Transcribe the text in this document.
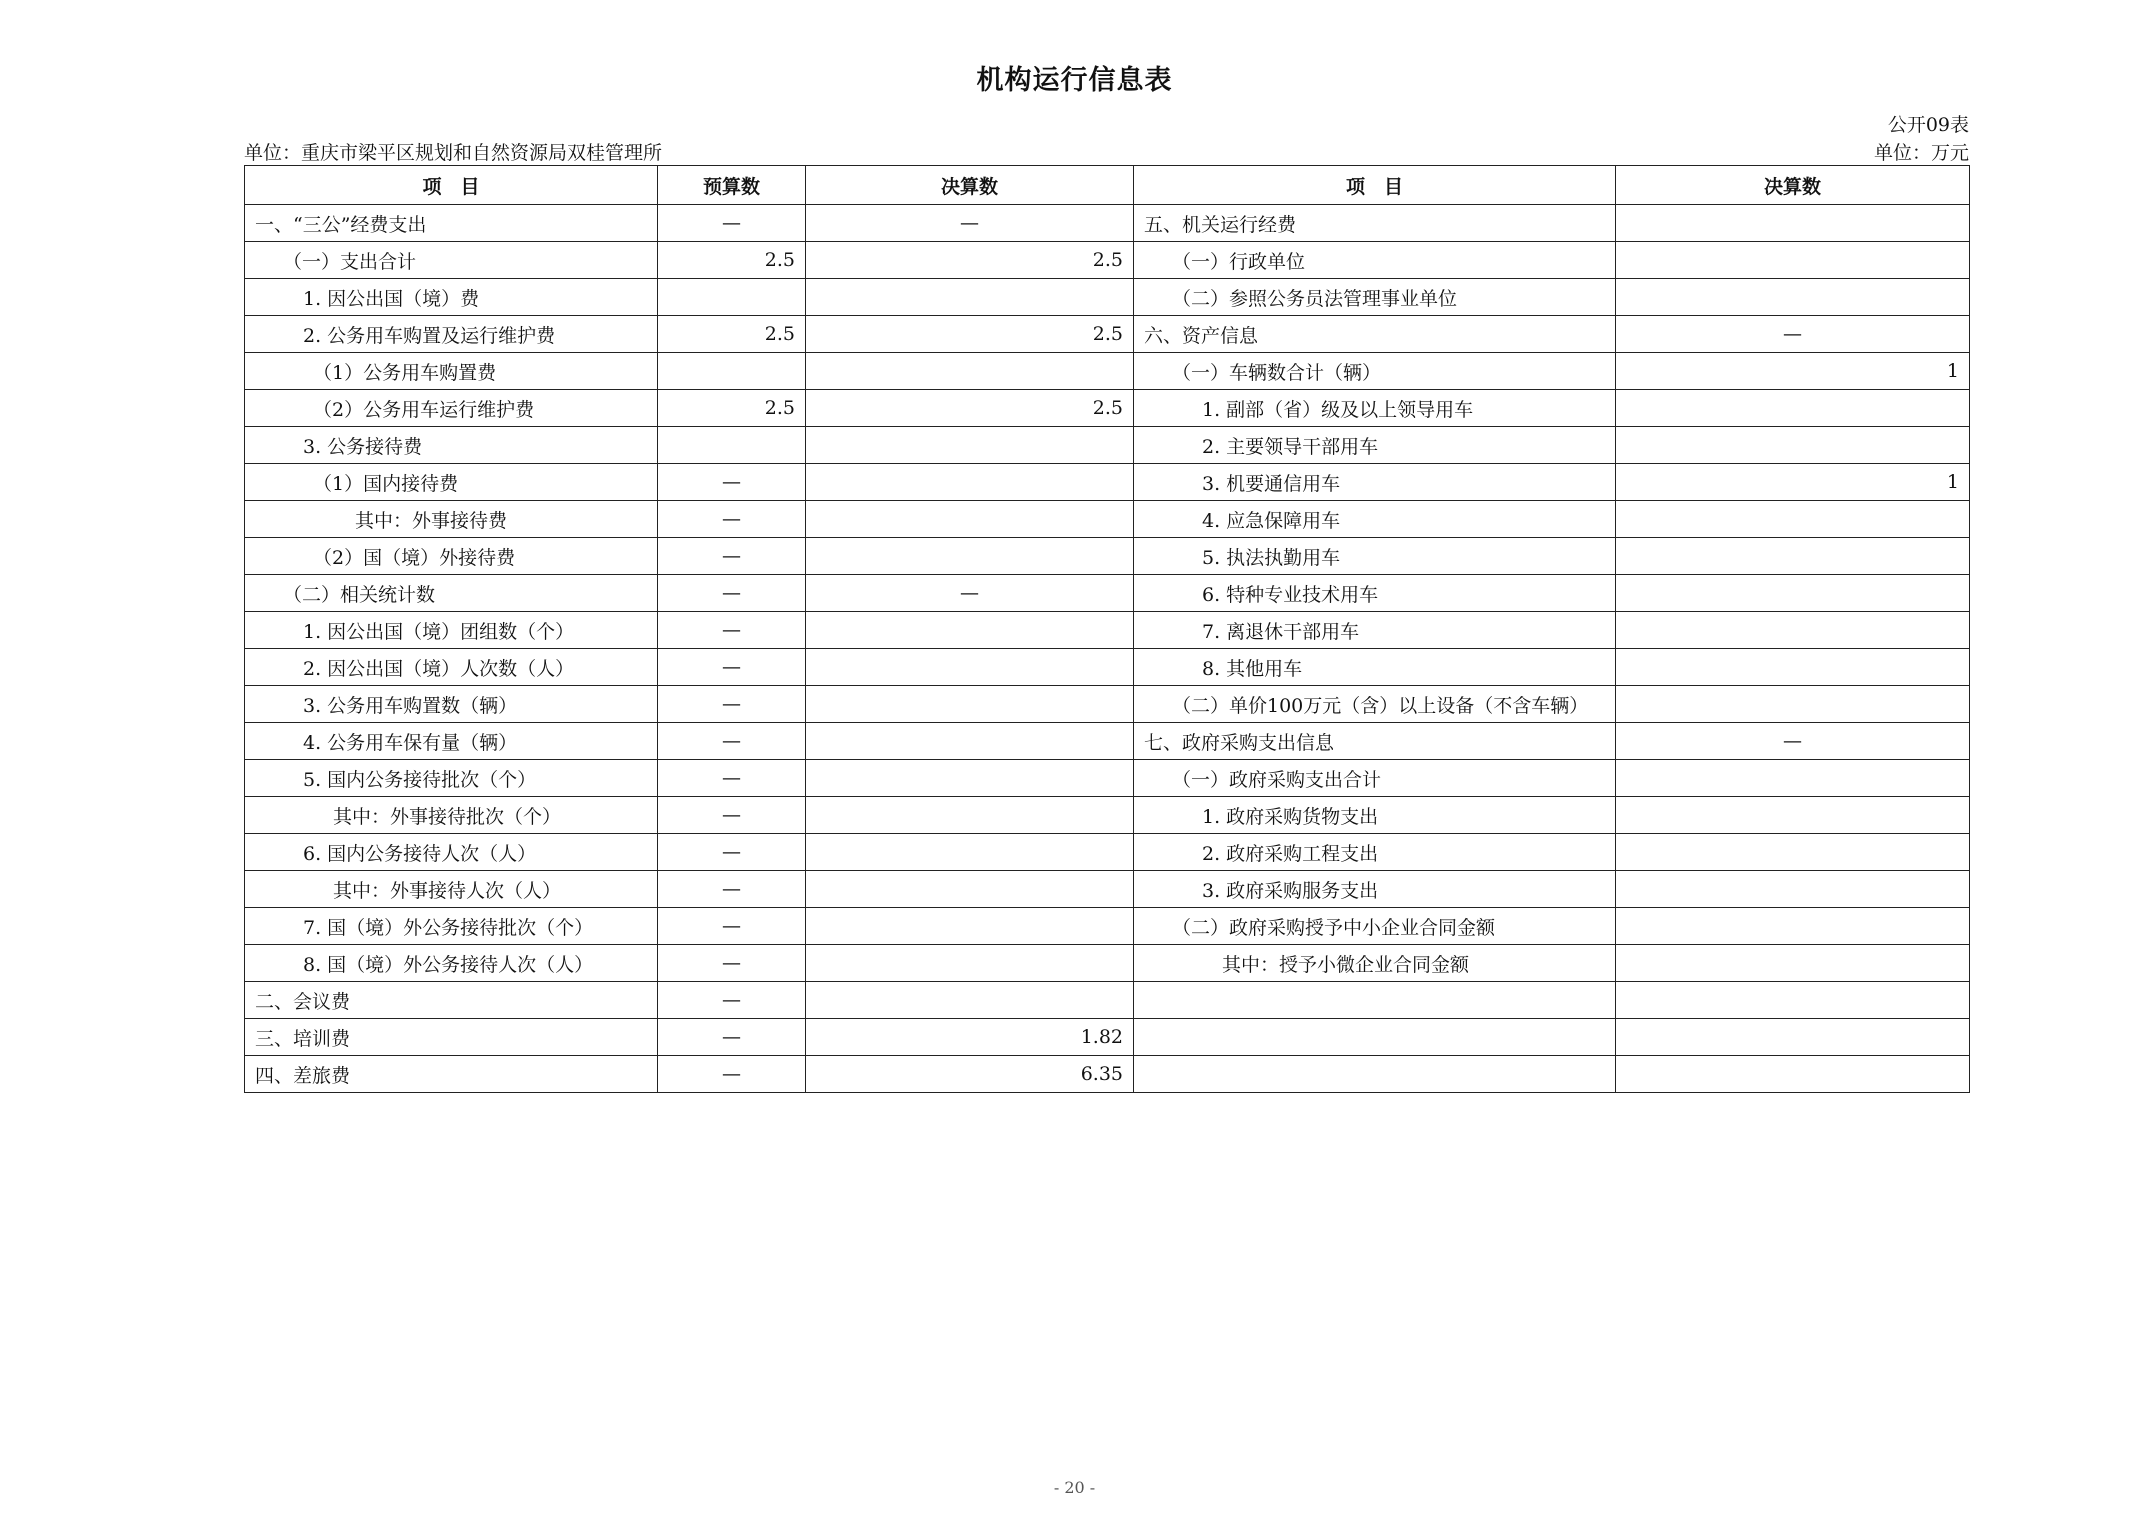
机构运行信息表
公开09表
单位：重庆市梁平区规划和自然资源局双桂管理所	单位：万元
项　目	预算数	决算数	项　目	决算数
一、“三公”经费支出	—	—	五、机关运行经费	
（一）支出合计	2.5	2.5	（一）行政单位	
1. 因公出国（境）费			（二）参照公务员法管理事业单位	
2. 公务用车购置及运行维护费	2.5	2.5	六、资产信息	—
（1）公务用车购置费			（一）车辆数合计（辆）	1
（2）公务用车运行维护费	2.5	2.5	1. 副部（省）级及以上领导用车	
3. 公务接待费			2. 主要领导干部用车	
（1）国内接待费	—		3. 机要通信用车	1
其中：外事接待费	—		4. 应急保障用车	
（2）国（境）外接待费	—		5. 执法执勤用车	
（二）相关统计数	—	—	6. 特种专业技术用车	
1. 因公出国（境）团组数（个）	—		7. 离退休干部用车	
2. 因公出国（境）人次数（人）	—		8. 其他用车	
3. 公务用车购置数（辆）	—		（二）单价100万元（含）以上设备（不含车辆）	
4. 公务用车保有量（辆）	—		七、政府采购支出信息	—
5. 国内公务接待批次（个）	—		（一）政府采购支出合计	
其中：外事接待批次（个）	—		1. 政府采购货物支出	
6. 国内公务接待人次（人）	—		2. 政府采购工程支出	
其中：外事接待人次（人）	—		3. 政府采购服务支出	
7. 国（境）外公务接待批次（个）	—		（二）政府采购授予中小企业合同金额	
8. 国（境）外公务接待人次（人）	—		其中：授予小微企业合同金额	
二、会议费	—			
三、培训费	—	1.82		
四、差旅费	—	6.35		
- 20 -
